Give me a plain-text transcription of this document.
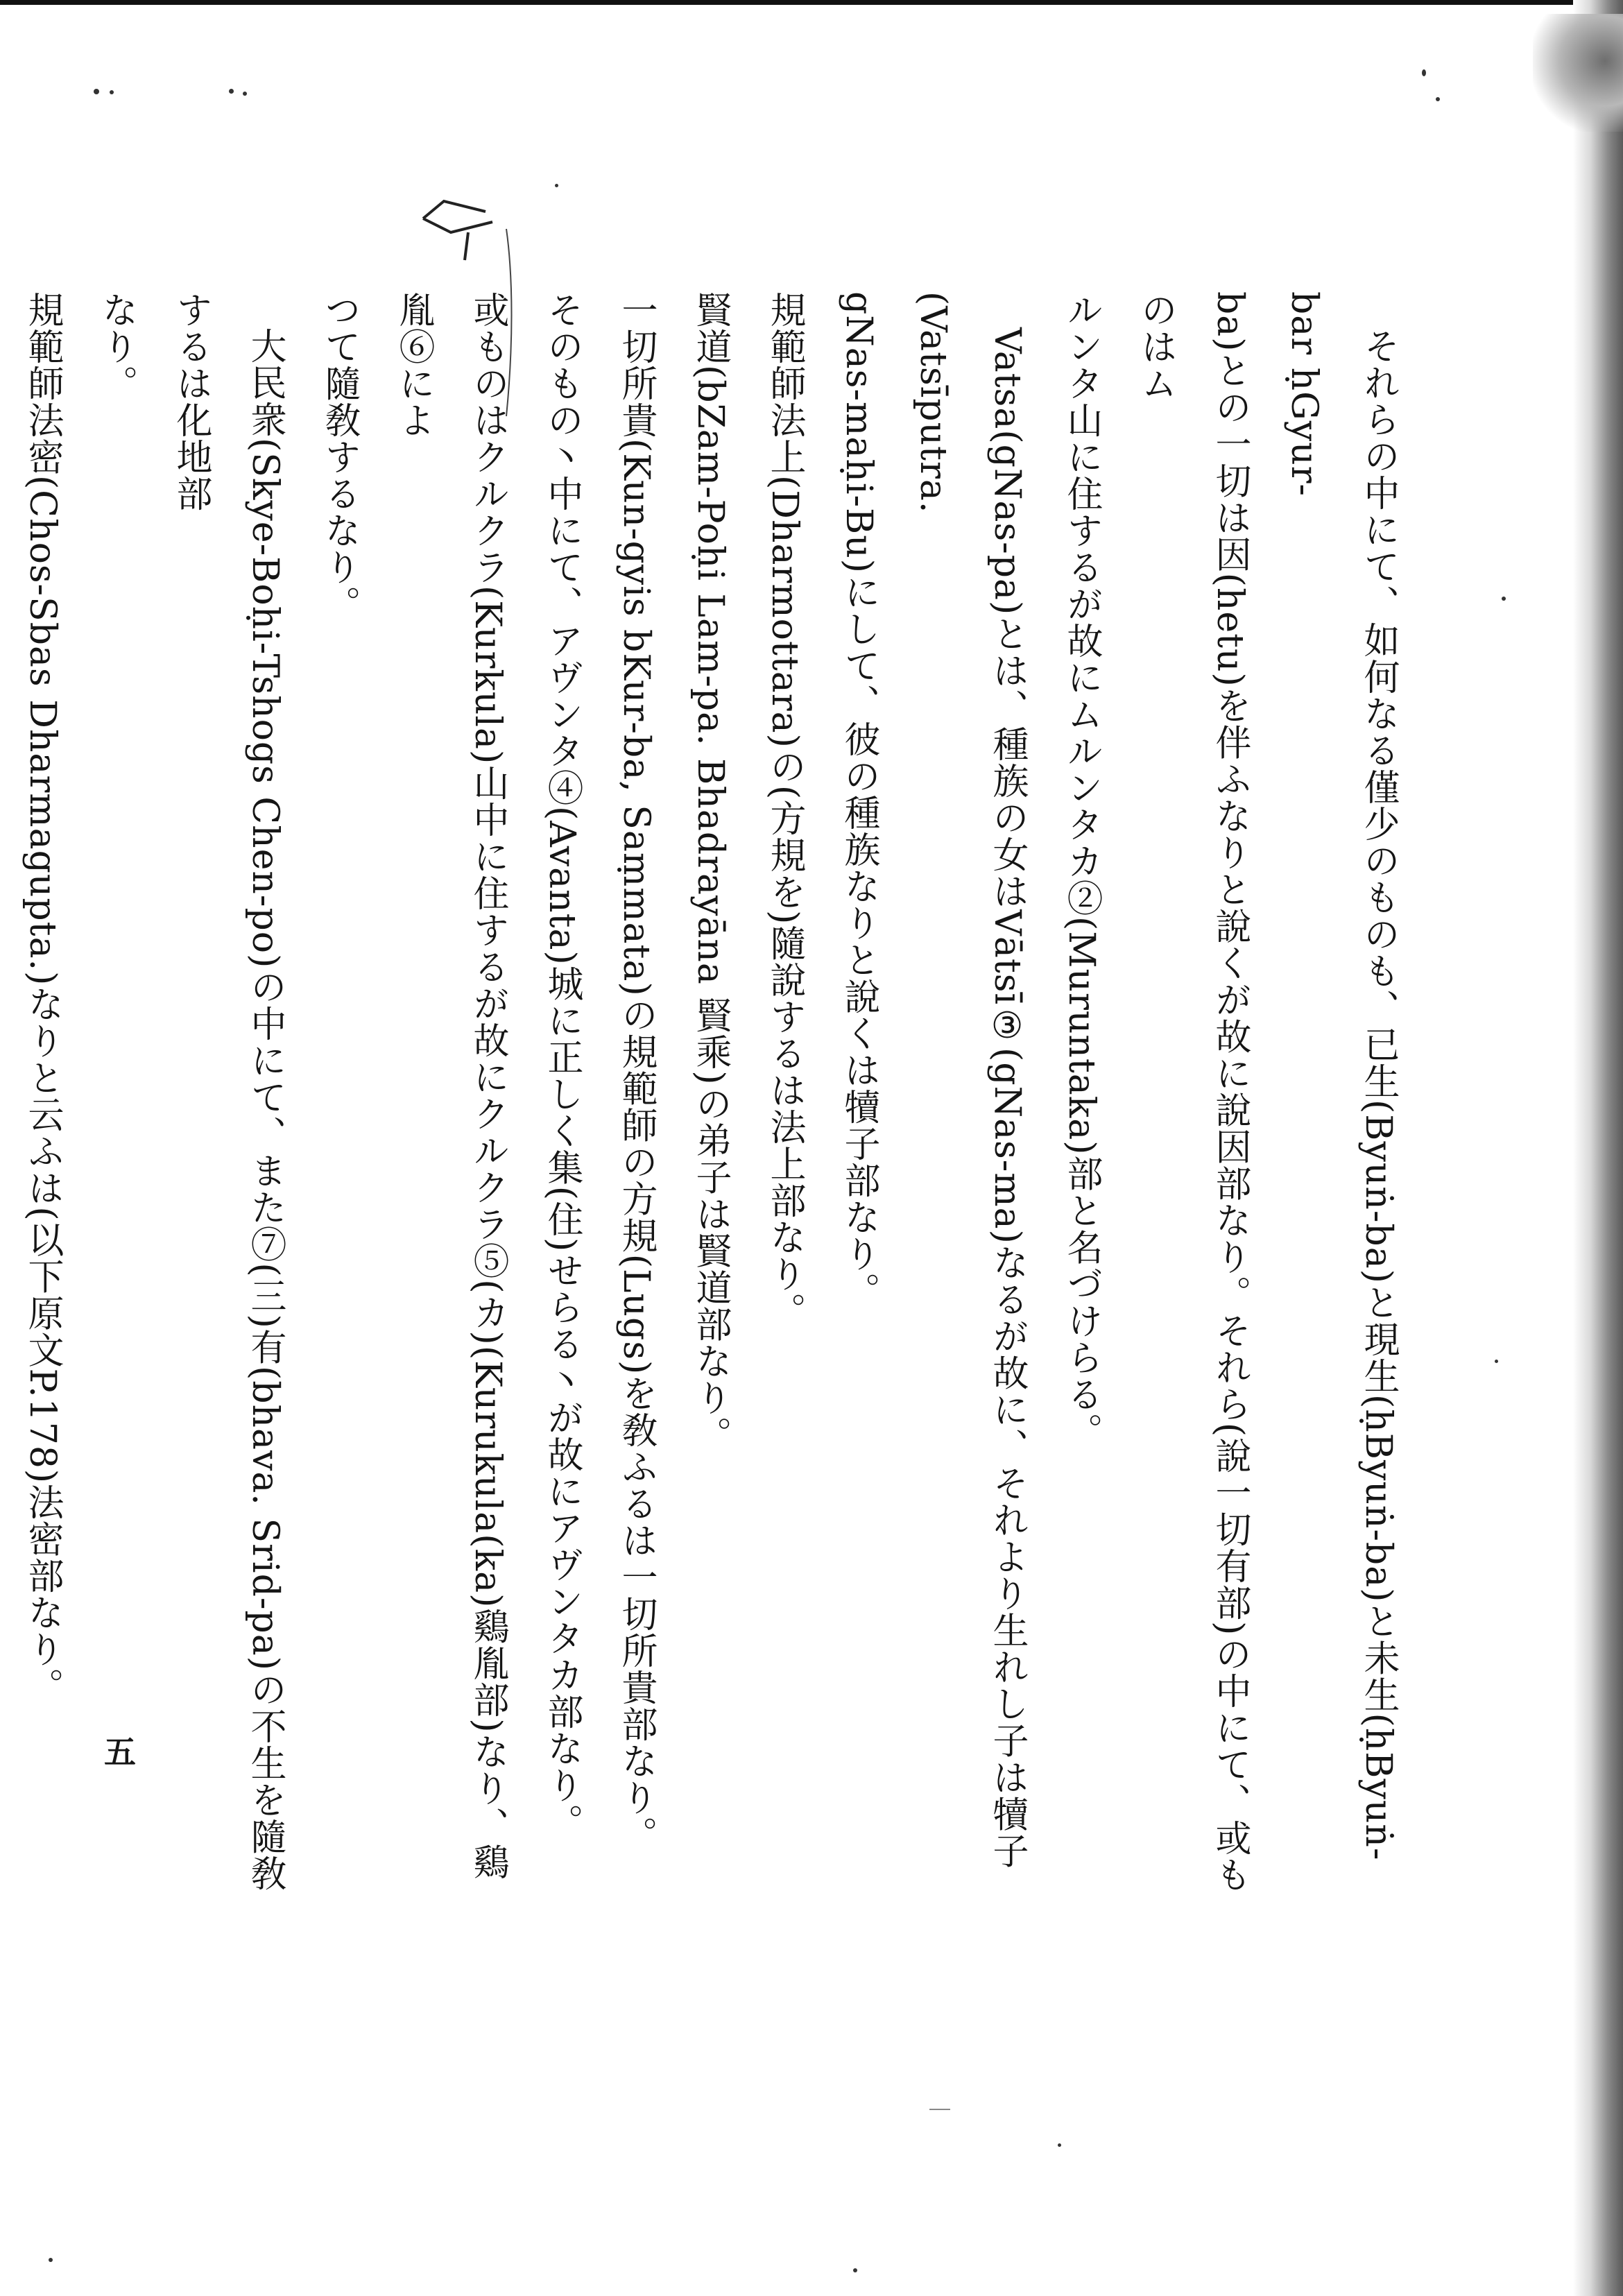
それらの中にて、如何なる僅少のものも、已生(Byuṅ-ba)と現生(ḥByuṅ-ba)と未生(ḥByuṅ-bar ḥGyur-

ba)との一切は因(hetu)を伴ふなりと說くが故に說因部なり。それら(說一切有部)の中にて、或ものはム

ルンタ山に住するが故にムルンタカ②(Muruntaka)部と名づけらる。

Vatsa(gNas-pa)とは、種族の女はVātsī③(gNas-ma)なるが故に、それより生れし子は犢子(Vatsīputra.

gNas-maḥi-Bu)にして、彼の種族なりと說くは犢子部なり。

規範師法上(Dharmottara)の(方規を)隨說するは法上部なり。

賢道(bZam-Poḥi Lam-pa. Bhadrayāna 賢乘)の弟子は賢道部なり。

一切所貴(Kun-gyis bKur-ba, Saṃmata)の規範師の方規(Lugs)を敎ふるは一切所貴部なり。

そのもの丶中にて、アヴンタ④(Avanta)城に正しく集(住)せらる丶が故にアヴンタカ部なり。

或ものはクルクラ(Kurkula)山中に住するが故にクルクラ⑤(カ)(Kurukula(ka)鷄胤部)なり、鷄胤⑥によ

つて隨敎するなり。

大民衆(Skye-Boḥi-Tshogs Chen-po)の中にて、また⑦(三)有(bhava. Srid-pa)の不生を隨敎するは化地部

なり。

規範師法密(Chos-Sbas Dharmagupta.)なりと云ふは(以下原文P.178)法密部なり。

五
